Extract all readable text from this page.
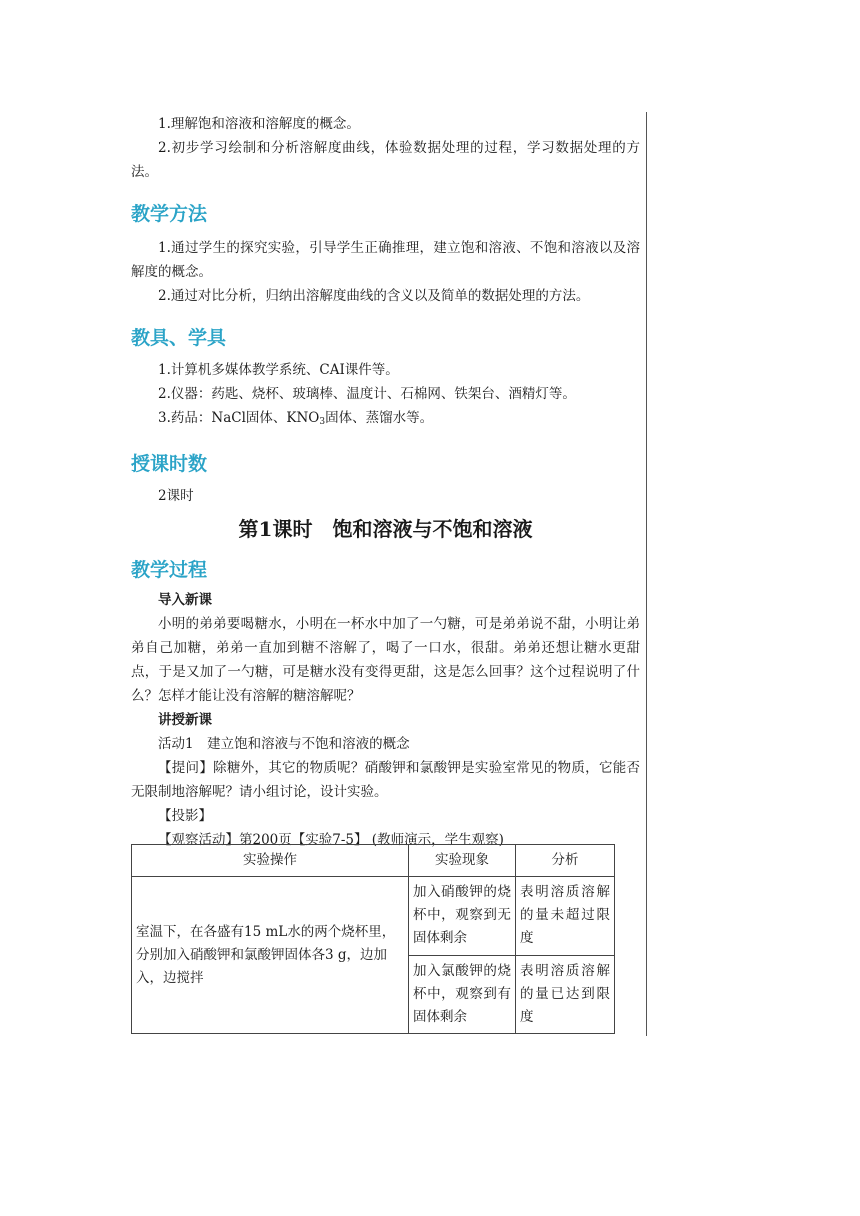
1.理解饱和溶液和溶解度的概念。

2.初步学习绘制和分析溶解度曲线，体验数据处理的过程，学习数据处理的方法。

教学方法

1.通过学生的探究实验，引导学生正确推理，建立饱和溶液、不饱和溶液以及溶解度的概念。

2.通过对比分析，归纳出溶解度曲线的含义以及简单的数据处理的方法。

教具、学具

1.计算机多媒体教学系统、CAI课件等。

2.仪器：药匙、烧杯、玻璃棒、温度计、石棉网、铁架台、酒精灯等。

3.药品：NaCl固体、$KNO_3$固体、蒸馏水等。

授课时数

2课时

第1课时　饱和溶液与不饱和溶液

教学过程

导入新课

小明的弟弟要喝糖水，小明在一杯水中加了一勺糖，可是弟弟说不甜，小明让弟弟自己加糖，弟弟一直加到糖不溶解了，喝了一口水，很甜。弟弟还想让糖水更甜点，于是又加了一勺糖，可是糖水没有变得更甜，这是怎么回事？这个过程说明了什么？怎样才能让没有溶解的糖溶解呢？

讲授新课

活动1　建立饱和溶液与不饱和溶液的概念

【提问】除糖外，其它的物质呢？硝酸钾和氯酸钾是实验室常见的物质，它能否无限制地溶解呢？请小组讨论，设计实验。

【投影】

【观察活动】第200页【实验7-5】 (教师演示，学生观察)

实验操作	实验现象	分析
室温下，在各盛有15 mL水的两个烧杯里，分别加入硝酸钾和氯酸钾固体各3 g，边加入，边搅拌	加入硝酸钾的烧杯中，观察到无固体剩余	表明溶质溶解的量未超过限度
	加入氯酸钾的烧杯中，观察到有固体剩余	表明溶质溶解的量已达到限度
